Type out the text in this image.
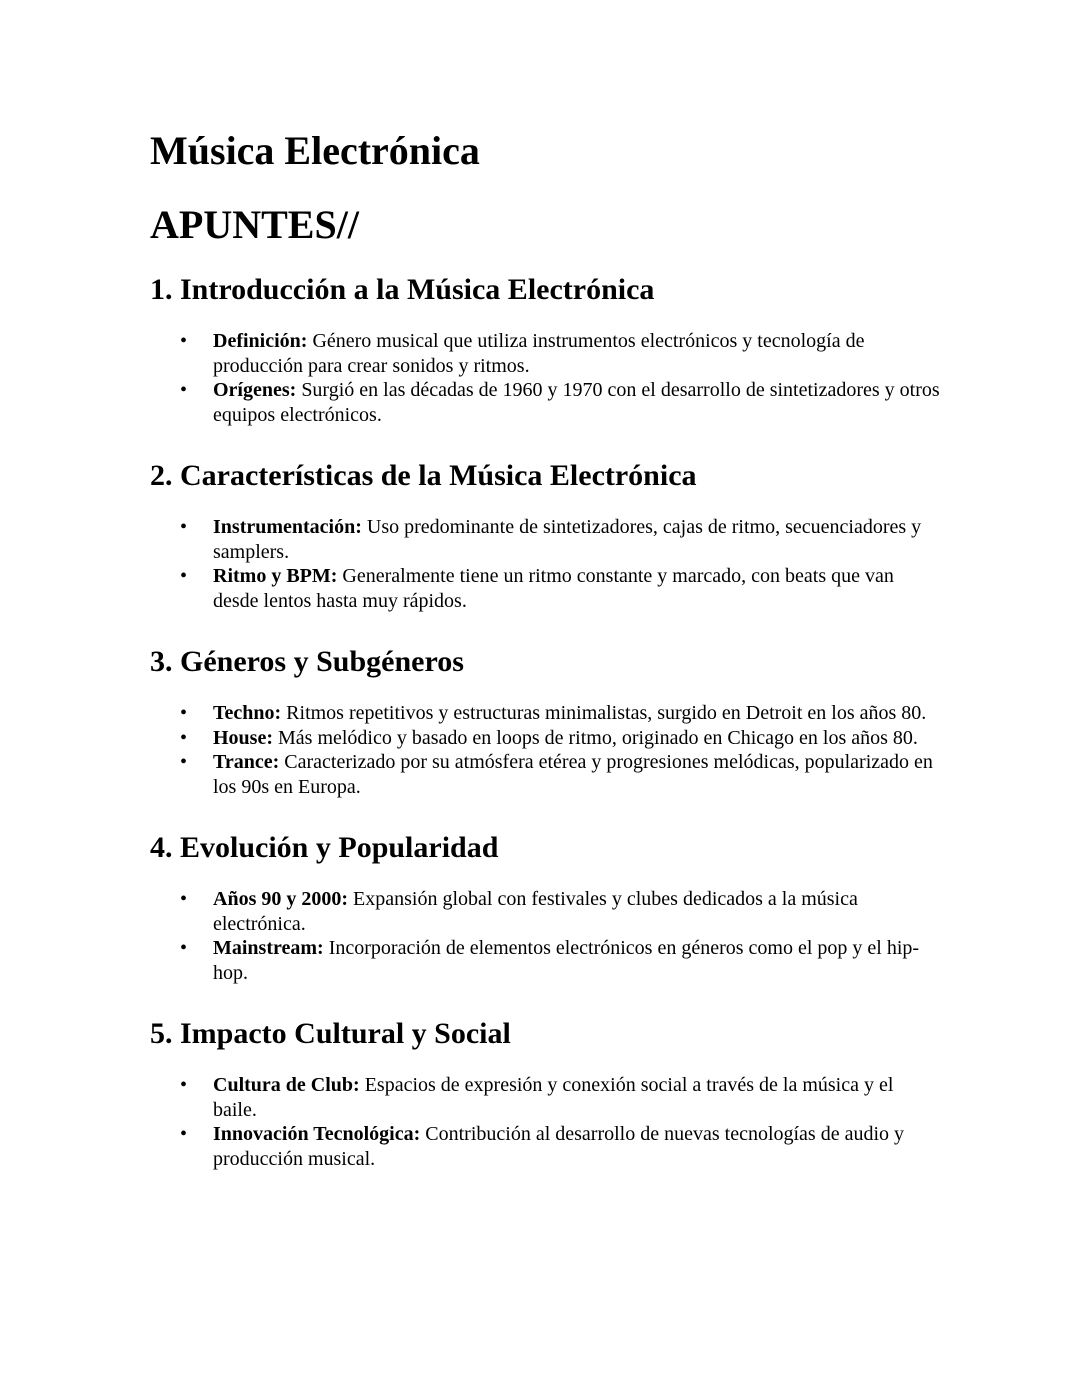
Música Electrónica
APUNTES//
1. Introducción a la Música Electrónica
• Definición: Género musical que utiliza instrumentos electrónicos y tecnología de producción para crear sonidos y ritmos.
• Orígenes: Surgió en las décadas de 1960 y 1970 con el desarrollo de sintetizadores y otros equipos electrónicos.
2. Características de la Música Electrónica
• Instrumentación: Uso predominante de sintetizadores, cajas de ritmo, secuenciadores y samplers.
• Ritmo y BPM: Generalmente tiene un ritmo constante y marcado, con beats que van desde lentos hasta muy rápidos.
3. Géneros y Subgéneros
• Techno: Ritmos repetitivos y estructuras minimalistas, surgido en Detroit en los años 80.
• House: Más melódico y basado en loops de ritmo, originado en Chicago en los años 80.
• Trance: Caracterizado por su atmósfera etérea y progresiones melódicas, popularizado en los 90s en Europa.
4. Evolución y Popularidad
• Años 90 y 2000: Expansión global con festivales y clubes dedicados a la música electrónica.
• Mainstream: Incorporación de elementos electrónicos en géneros como el pop y el hip-hop.
5. Impacto Cultural y Social
• Cultura de Club: Espacios de expresión y conexión social a través de la música y el baile.
• Innovación Tecnológica: Contribución al desarrollo de nuevas tecnologías de audio y producción musical.
